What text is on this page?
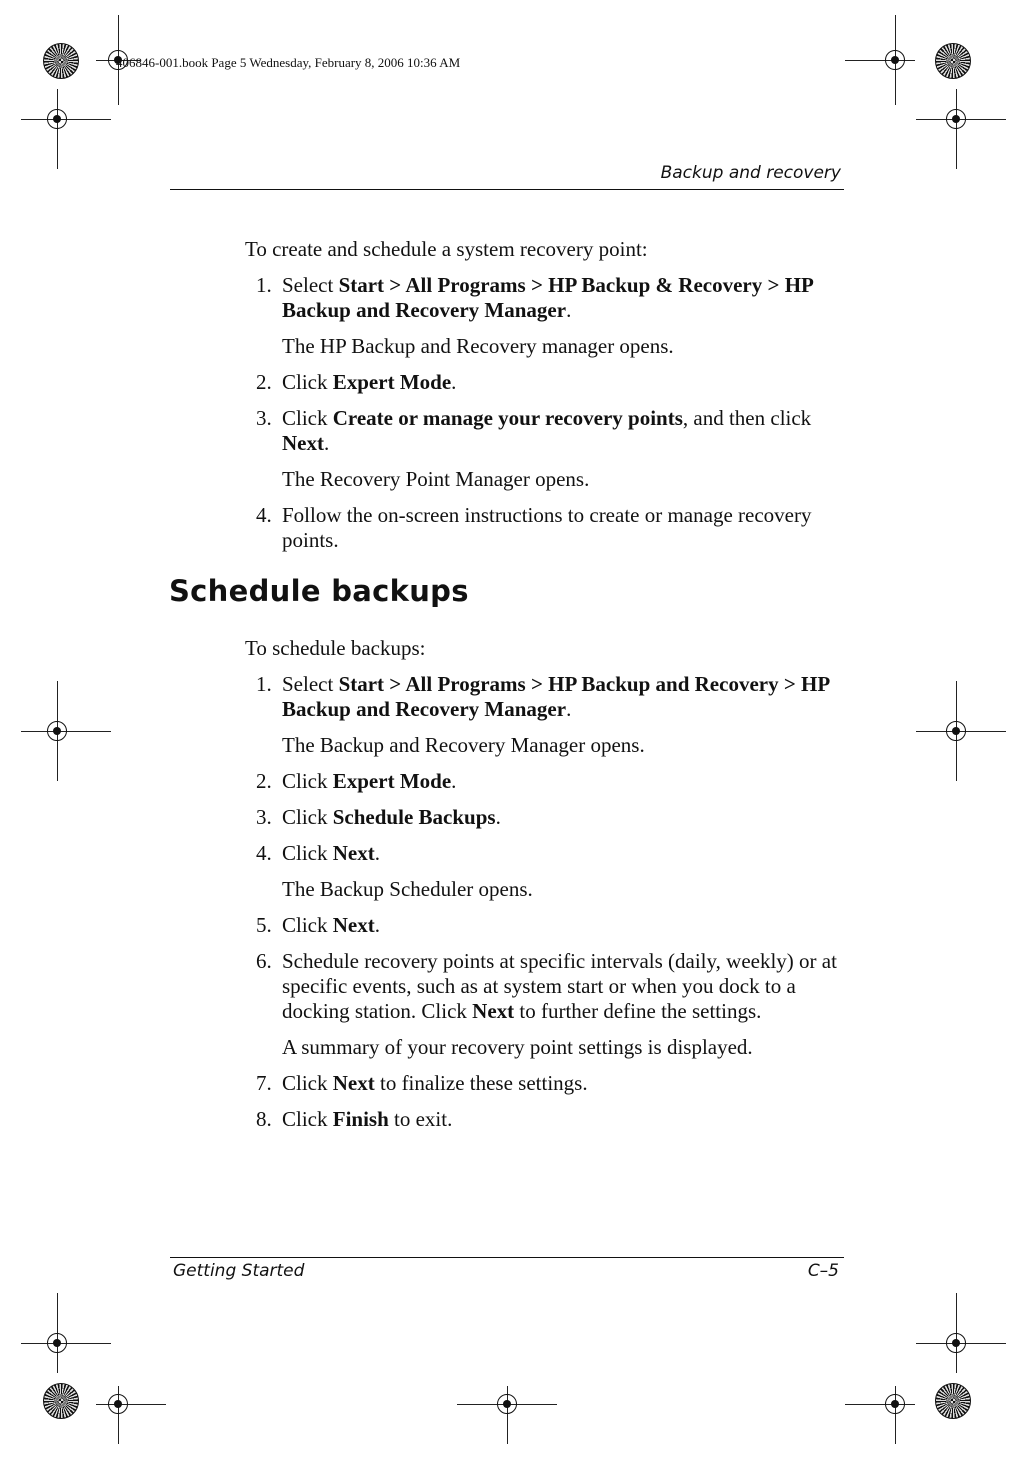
406846-001.book Page 5 Wednesday, February 8, 2006 10:36 AM
Backup and recovery

To create and schedule a system recovery point:

1. Select Start > All Programs > HP Backup & Recovery > HP Backup and Recovery Manager.

The HP Backup and Recovery manager opens.

2. Click Expert Mode.

3. Click Create or manage your recovery points, and then click Next.

The Recovery Point Manager opens.

4. Follow the on-screen instructions to create or manage recovery points.

Schedule backups

To schedule backups:

1. Select Start > All Programs > HP Backup and Recovery > HP Backup and Recovery Manager.

The Backup and Recovery Manager opens.

2. Click Expert Mode.

3. Click Schedule Backups.

4. Click Next.

The Backup Scheduler opens.

5. Click Next.

6. Schedule recovery points at specific intervals (daily, weekly) or at specific events, such as at system start or when you dock to a docking station. Click Next to further define the settings.

A summary of your recovery point settings is displayed.

7. Click Next to finalize these settings.

8. Click Finish to exit.

Getting Started	C–5
